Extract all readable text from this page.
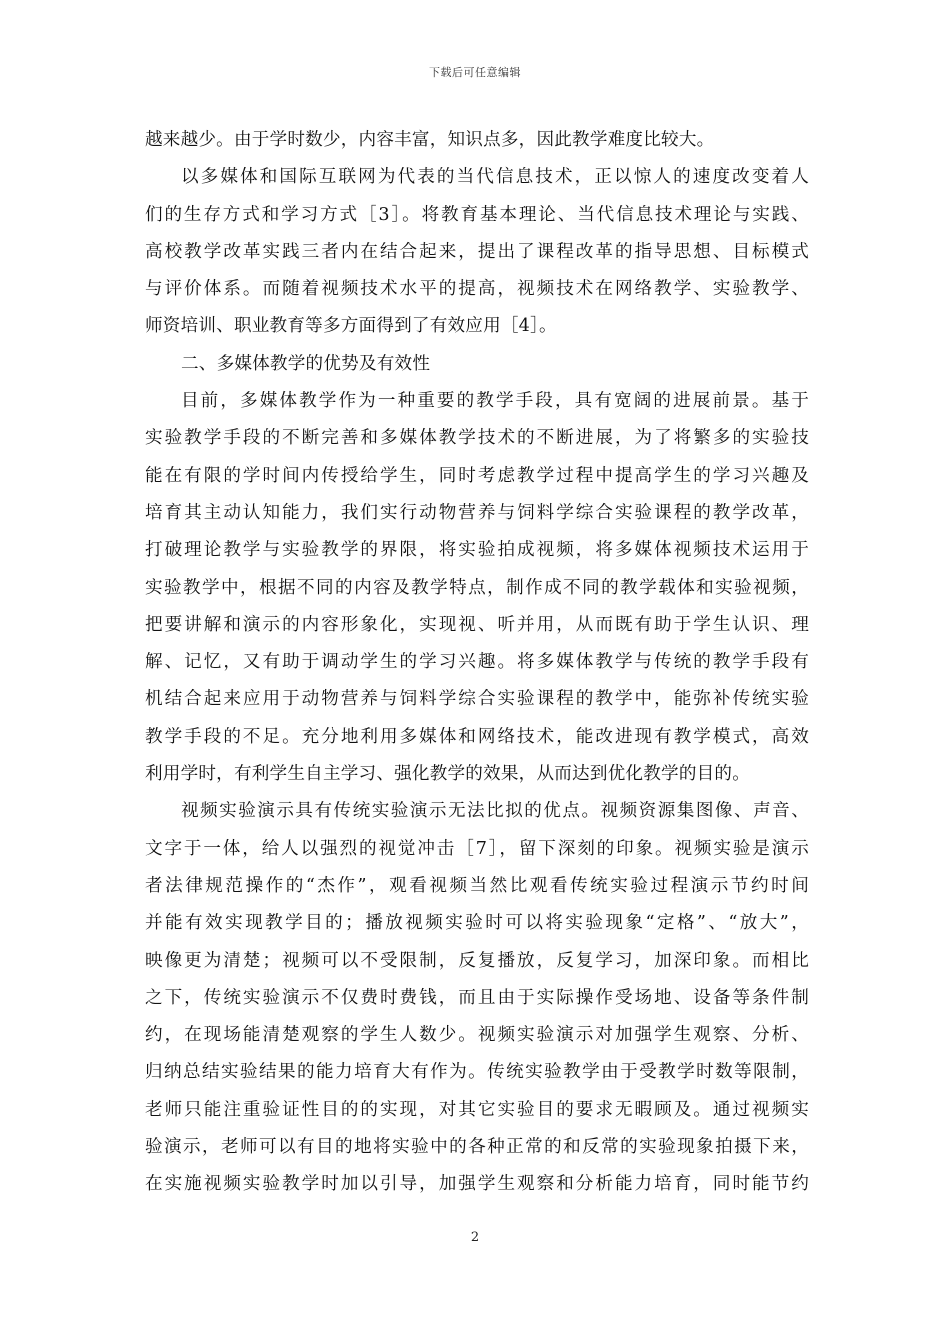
下载后可任意编辑
越来越少。由于学时数少，内容丰富，知识点多，因此教学难度比较大。
以多媒体和国际互联网为代表的当代信息技术，正以惊人的速度改变着人
们的生存方式和学习方式［3］。将教育基本理论、当代信息技术理论与实践、
高校教学改革实践三者内在结合起来，提出了课程改革的指导思想、目标模式
与评价体系。而随着视频技术水平的提高，视频技术在网络教学、实验教学、
师资培训、职业教育等多方面得到了有效应用［4］。
二、多媒体教学的优势及有效性
目前，多媒体教学作为一种重要的教学手段，具有宽阔的进展前景。基于
实验教学手段的不断完善和多媒体教学技术的不断进展，为了将繁多的实验技
能在有限的学时间内传授给学生，同时考虑教学过程中提高学生的学习兴趣及
培育其主动认知能力，我们实行动物营养与饲料学综合实验课程的教学改革，
打破理论教学与实验教学的界限，将实验拍成视频，将多媒体视频技术运用于
实验教学中，根据不同的内容及教学特点，制作成不同的教学载体和实验视频，
把要讲解和演示的内容形象化，实现视、听并用，从而既有助于学生认识、理
解、记忆，又有助于调动学生的学习兴趣。将多媒体教学与传统的教学手段有
机结合起来应用于动物营养与饲料学综合实验课程的教学中，能弥补传统实验
教学手段的不足。充分地利用多媒体和网络技术，能改进现有教学模式，高效
利用学时，有利学生自主学习、强化教学的效果，从而达到优化教学的目的。
视频实验演示具有传统实验演示无法比拟的优点。视频资源集图像、声音、
文字于一体，给人以强烈的视觉冲击［7］，留下深刻的印象。视频实验是演示
者法律规范操作的“杰作”，观看视频当然比观看传统实验过程演示节约时间
并能有效实现教学目的；播放视频实验时可以将实验现象“定格”、“放大”，
映像更为清楚；视频可以不受限制，反复播放，反复学习，加深印象。而相比
之下，传统实验演示不仅费时费钱，而且由于实际操作受场地、设备等条件制
约，在现场能清楚观察的学生人数少。视频实验演示对加强学生观察、分析、
归纳总结实验结果的能力培育大有作为。传统实验教学由于受教学时数等限制，
老师只能注重验证性目的的实现，对其它实验目的要求无暇顾及。通过视频实
验演示，老师可以有目的地将实验中的各种正常的和反常的实验现象拍摄下来，
在实施视频实验教学时加以引导，加强学生观察和分析能力培育，同时能节约
2
